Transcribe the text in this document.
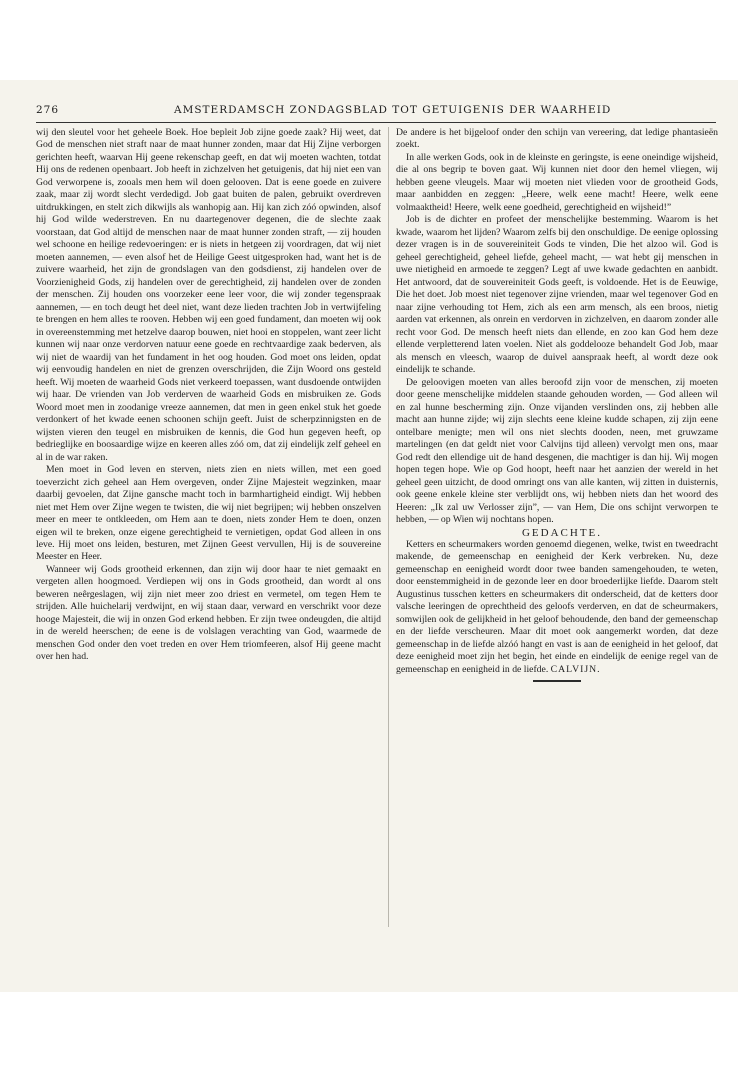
276	AMSTERDAMSCH ZONDAGSBLAD TOT GETUIGENIS DER WAARHEID

wij den sleutel voor het geheele Boek. Hoe bepleit Job zijne goede zaak? Hij weet, dat God de menschen niet straft naar de maat hunner zonden, maar dat Hij Zijne verborgen gerichten heeft, waarvan Hij geene rekenschap geeft, en dat wij moeten wachten, totdat Hij ons de redenen openbaart. Job heeft in zichzelven het getuigenis, dat hij niet een van God verworpene is, zooals men hem wil doen gelooven. Dat is eene goede en zuivere zaak, maar zij wordt slecht verdedigd. Job gaat buiten de palen, gebruikt overdreven uitdrukkingen, en stelt zich dikwijls als wanhopig aan. Hij kan zich zóó opwinden, alsof hij God wilde wederstreven. En nu daartegenover degenen, die de slechte zaak voorstaan, dat God altijd de menschen naar de maat hunner zonden straft, — zij houden wel schoone en heilige redevoeringen: er is niets in hetgeen zij voordragen, dat wij niet moeten aannemen, — even alsof het de Heilige Geest uitgesproken had, want het is de zuivere waarheid, het zijn de grondslagen van den godsdienst, zij handelen over de Voorzienigheid Gods, zij handelen over de gerechtigheid, zij handelen over de zonden der menschen. Zij houden ons voorzeker eene leer voor, die wij zonder tegenspraak aannemen, — en toch deugt het deel niet, want deze lieden trachten Job in vertwijfeling te brengen en hem alles te rooven. Hebben wij een goed fundament, dan moeten wij ook in overeenstemming met hetzelve daarop bouwen, niet hooi en stoppelen, want zeer licht kunnen wij naar onze verdorven natuur eene goede en rechtvaardige zaak bederven, als wij niet de waardij van het fundament in het oog houden. God moet ons leiden, opdat wij eenvoudig handelen en niet de grenzen overschrijden, die Zijn Woord ons gesteld heeft. Wij moeten de waarheid Gods niet verkeerd toepassen, want dusdoende ontwijden wij haar. De vrienden van Job verderven de waarheid Gods en misbruiken ze. Gods Woord moet men in zoodanige vreeze aannemen, dat men in geen enkel stuk het goede verdonkert of het kwade eenen schoonen schijn geeft. Juist de scherpzinnigsten en de wijsten vieren den teugel en misbruiken de kennis, die God hun gegeven heeft, op bedrieglijke en boosaardige wijze en keeren alles zóó om, dat zij eindelijk zelf geheel en al in de war raken.

Men moet in God leven en sterven, niets zien en niets willen, met een goed toeverzicht zich geheel aan Hem overgeven, onder Zijne Majesteit wegzinken, maar daarbij gevoelen, dat Zijne gansche macht toch in barmhartigheid eindigt. Wij hebben niet met Hem over Zijne wegen te twisten, die wij niet begrijpen; wij hebben onszelven meer en meer te ontkleeden, om Hem aan te doen, niets zonder Hem te doen, onzen eigen wil te breken, onze eigene gerechtigheid te vernietigen, opdat God alleen in ons leve. Hij moet ons leiden, besturen, met Zijnen Geest vervullen, Hij is de souvereine Meester en Heer.

Wanneer wij Gods grootheid erkennen, dan zijn wij door haar te niet gemaakt en vergeten allen hoogmoed. Verdiepen wij ons in Gods grootheid, dan wordt al ons beweren neêrgeslagen, wij zijn niet meer zoo driest en vermetel, om tegen Hem te strijden. Alle huichelarij verdwijnt, en wij staan daar, verward en verschrikt voor deze hooge Majesteit, die wij in onzen God erkend hebben. Er zijn twee ondeugden, die altijd in de wereld heerschen; de eene is de volslagen verachting van God, waarmede de menschen God onder den voet treden en over Hem triomfeeren, alsof Hij geene macht over hen had.

De andere is het bijgeloof onder den schijn van vereering, dat ledige phantasieën zoekt.

In alle werken Gods, ook in de kleinste en geringste, is eene oneindige wijsheid, die al ons begrip te boven gaat. Wij kunnen niet door den hemel vliegen, wij hebben geene vleugels. Maar wij moeten niet vlieden voor de grootheid Gods, maar aanbidden en zeggen: „Heere, welk eene macht! Heere, welk eene volmaaktheid! Heere, welk eene goedheid, gerechtigheid en wijsheid!”

Job is de dichter en profeet der menschelijke bestemming. Waarom is het kwade, waarom het lijden? Waarom zelfs bij den onschuldige. De eenige oplossing dezer vragen is in de souvereiniteit Gods te vinden, Die het alzoo wil. God is geheel gerechtigheid, geheel liefde, geheel macht, — wat hebt gij menschen in uwe nietigheid en armoede te zeggen? Legt af uwe kwade gedachten en aanbidt. Het antwoord, dat de souvereiniteit Gods geeft, is voldoende. Het is de Eeuwige, Die het doet. Job moest niet tegenover zijne vrienden, maar wel tegenover God en naar zijne verhouding tot Hem, zich als een arm mensch, als een broos, nietig aarden vat erkennen, als onrein en verdorven in zichzelven, en daarom zonder alle recht voor God. De mensch heeft niets dan ellende, en zoo kan God hem deze ellende verpletterend laten voelen. Niet als goddelooze behandelt God Job, maar als mensch en vleesch, waarop de duivel aanspraak heeft, al wordt deze ook eindelijk te schande.

De geloovigen moeten van alles beroofd zijn voor de menschen, zij moeten door geene menschelijke middelen staande gehouden worden, — God alleen wil en zal hunne bescherming zijn. Onze vijanden verslinden ons, zij hebben alle macht aan hunne zijde; wij zijn slechts eene kleine kudde schapen, zij zijn eene ontelbare menigte; men wil ons niet slechts dooden, neen, met gruwzame martelingen (en dat geldt niet voor Calvijns tijd alleen) vervolgt men ons, maar God redt den ellendige uit de hand desgenen, die machtiger is dan hij. Wij mogen hopen tegen hope. Wie op God hoopt, heeft naar het aanzien der wereld in het geheel geen uitzicht, de dood omringt ons van alle kanten, wij zitten in duisternis, ook geene enkele kleine ster verblijdt ons, wij hebben niets dan het woord des Heeren: „Ik zal uw Verlosser zijn”, — van Hem, Die ons schijnt verworpen te hebben, — op Wien wij nochtans hopen.

GEDACHTE.

Ketters en scheurmakers worden genoemd diegenen, welke, twist en tweedracht makende, de gemeenschap en eenigheid der Kerk verbreken. Nu, deze gemeenschap en eenigheid wordt door twee banden samengehouden, te weten, door eenstemmigheid in de gezonde leer en door broederlijke liefde. Daarom stelt Augustinus tusschen ketters en scheurmakers dit onderscheid, dat de ketters door valsche leeringen de oprechtheid des geloofs verderven, en dat de scheurmakers, somwijlen ook de gelijkheid in het geloof behoudende, den band der gemeenschap en der liefde verscheuren. Maar dit moet ook aangemerkt worden, dat deze gemeenschap in de liefde alzóó hangt en vast is aan de eenigheid in het geloof, dat deze eenigheid moet zijn het begin, het einde en eindelijk de eenige regel van de gemeenschap en eenigheid in de liefde. CALVIJN.
